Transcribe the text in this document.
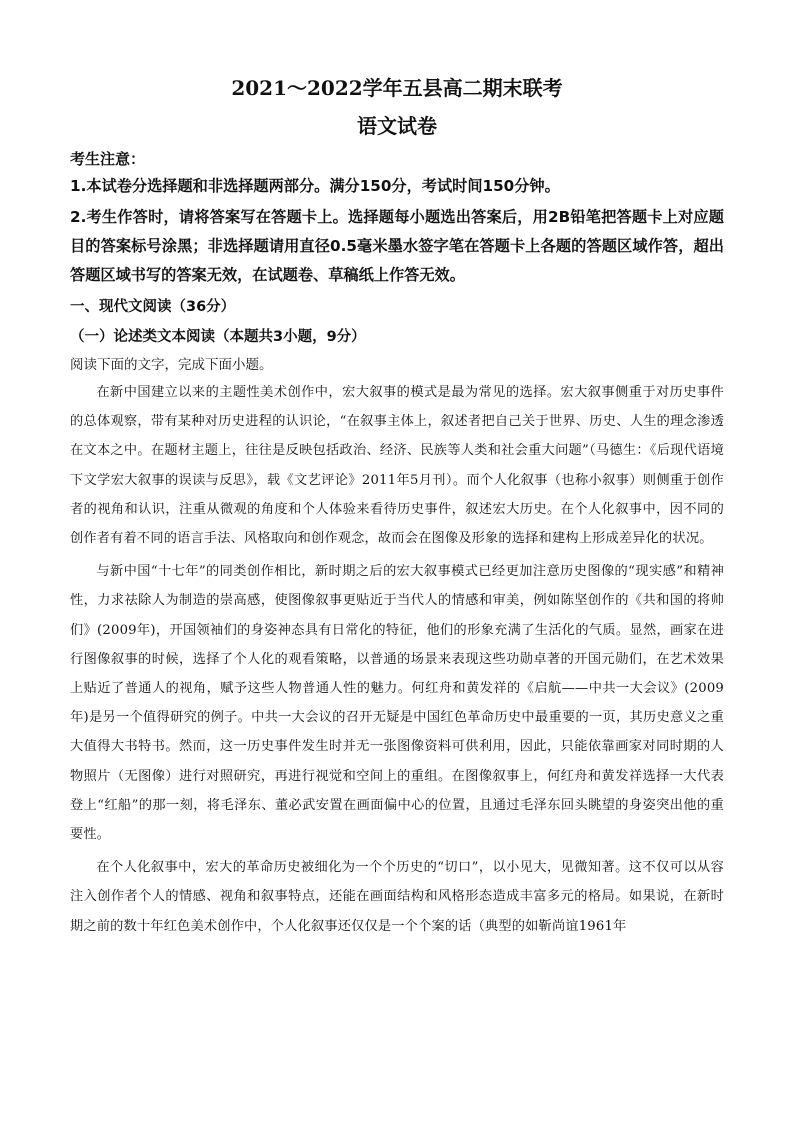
2021～2022学年五县高二期末联考
语文试卷
考生注意：
1.本试卷分选择题和非选择题两部分。满分150分，考试时间150分钟。
2.考生作答时，请将答案写在答题卡上。选择题每小题选出答案后，用2B铅笔把答题卡上对应题目的答案标号涂黑；非选择题请用直径0.5毫米墨水签字笔在答题卡上各题的答题区域作答，超出答题区域书写的答案无效，在试题卷、草稿纸上作答无效。
一、现代文阅读（36分）
（一）论述类文本阅读（本题共3小题，9分）
阅读下面的文字，完成下面小题。

在新中国建立以来的主题性美术创作中，宏大叙事的模式是最为常见的选择。宏大叙事侧重于对历史事件的总体观察，带有某种对历史进程的认识论，“在叙事主体上，叙述者把自己关于世界、历史、人生的理念渗透在文本之中。在题材主题上，往往是反映包括政治、经济、民族等人类和社会重大问题”（马德生：《后现代语境下文学宏大叙事的误读与反思》，载《文艺评论》2011年5月刊）。而个人化叙事（也称小叙事）则侧重于创作者的视角和认识，注重从微观的角度和个人体验来看待历史事件，叙述宏大历史。在个人化叙事中，因不同的创作者有着不同的语言手法、风格取向和创作观念，故而会在图像及形象的选择和建构上形成差异化的状况。

与新中国“十七年”的同类创作相比，新时期之后的宏大叙事模式已经更加注意历史图像的“现实感”和精神性，力求祛除人为制造的崇高感，使图像叙事更贴近于当代人的情感和审美，例如陈坚创作的《共和国的将帅们》(2009年)，开国领袖们的身姿神态具有日常化的特征，他们的形象充满了生活化的气质。显然，画家在进行图像叙事的时候，选择了个人化的观看策略，以普通的场景来表现这些功勋卓著的开国元勋们，在艺术效果上贴近了普通人的视角，赋予这些人物普通人性的魅力。何红舟和黄发祥的《启航——中共一大会议》(2009年)是另一个值得研究的例子。中共一大会议的召开无疑是中国红色革命历史中最重要的一页，其历史意义之重大值得大书特书。然而，这一历史事件发生时并无一张图像资料可供利用，因此，只能依靠画家对同时期的人物照片（无图像）进行对照研究，再进行视觉和空间上的重组。在图像叙事上，何红舟和黄发祥选择一大代表登上“红船”的那一刻，将毛泽东、董必武安置在画面偏中心的位置，且通过毛泽东回头眺望的身姿突出他的重要性。

在个人化叙事中，宏大的革命历史被细化为一个个历史的“切口”，以小见大，见微知著。这不仅可以从容注入创作者个人的情感、视角和叙事特点，还能在画面结构和风格形态造成丰富多元的格局。如果说，在新时期之前的数十年红色美术创作中，个人化叙事还仅仅是一个个案的话（典型的如靳尚谊1961年
